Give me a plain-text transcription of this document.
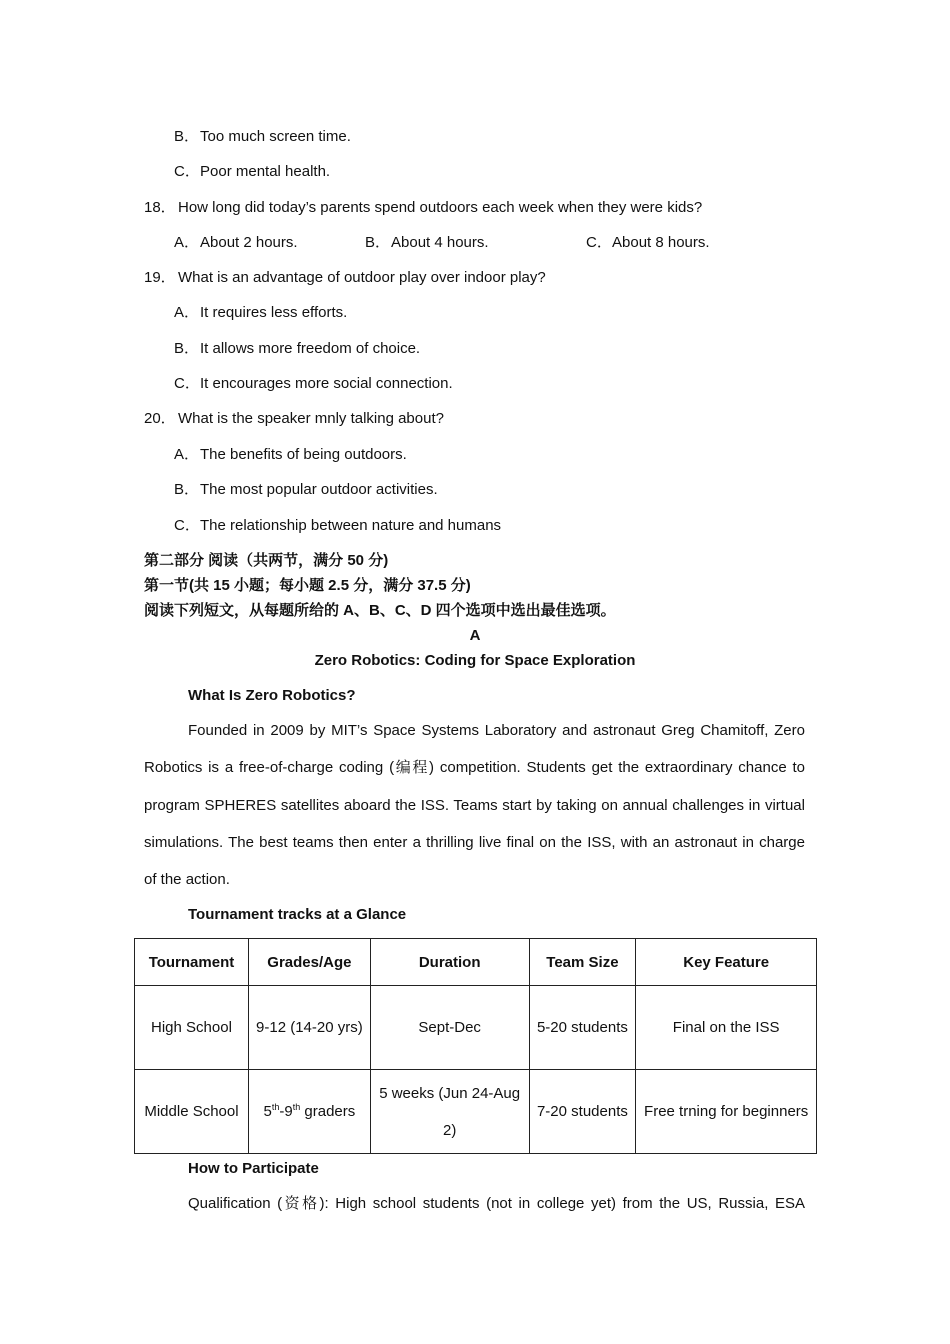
B．Too much screen time.
C．Poor mental health.
18． How long did today’s parents spend outdoors each week when they were kids?
A．About 2 hours.	B．About 4 hours.	C．About 8 hours.
19． What is an advantage of outdoor play over indoor play?
A．It requires less efforts.
B．It allows more freedom of choice.
C．It encourages more social connection.
20． What is the speaker mnly talking about?
A．The benefits of being outdoors.
B．The most popular outdoor activities.
C．The relationship between nature and humans
第二部分 阅读（共两节，满分 50 分)
第一节(共 15 小题；每小题 2.5 分，满分 37.5 分)
阅读下列短文，从每题所给的 A、B、C、D 四个选项中选出最佳选项。
A
Zero Robotics: Coding for Space Exploration
What Is Zero Robotics?
Founded in 2009 by MIT’s Space Systems Laboratory and astronaut Greg Chamitoff, Zero
Robotics is a free-of-charge coding (编程) competition. Students get the extraordinary chance to
program SPHERES satellites aboard the ISS. Teams start by taking on annual challenges in virtual
simulations. The best teams then enter a thrilling live final on the ISS, with an astronaut in charge
of the action.
Tournament tracks at a Glance
Tournament	Grades/Age	Duration	Team Size	Key Feature
High School	9-12 (14-20 yrs)	Sept-Dec	5-20 students	Final on the ISS
Middle School	5th-9th graders	5 weeks (Jun 24-Aug 2)	7-20 students	Free trning for beginners
How to Participate
Qualification (资格): High school students (not in college yet) from the US, Russia, ESA
